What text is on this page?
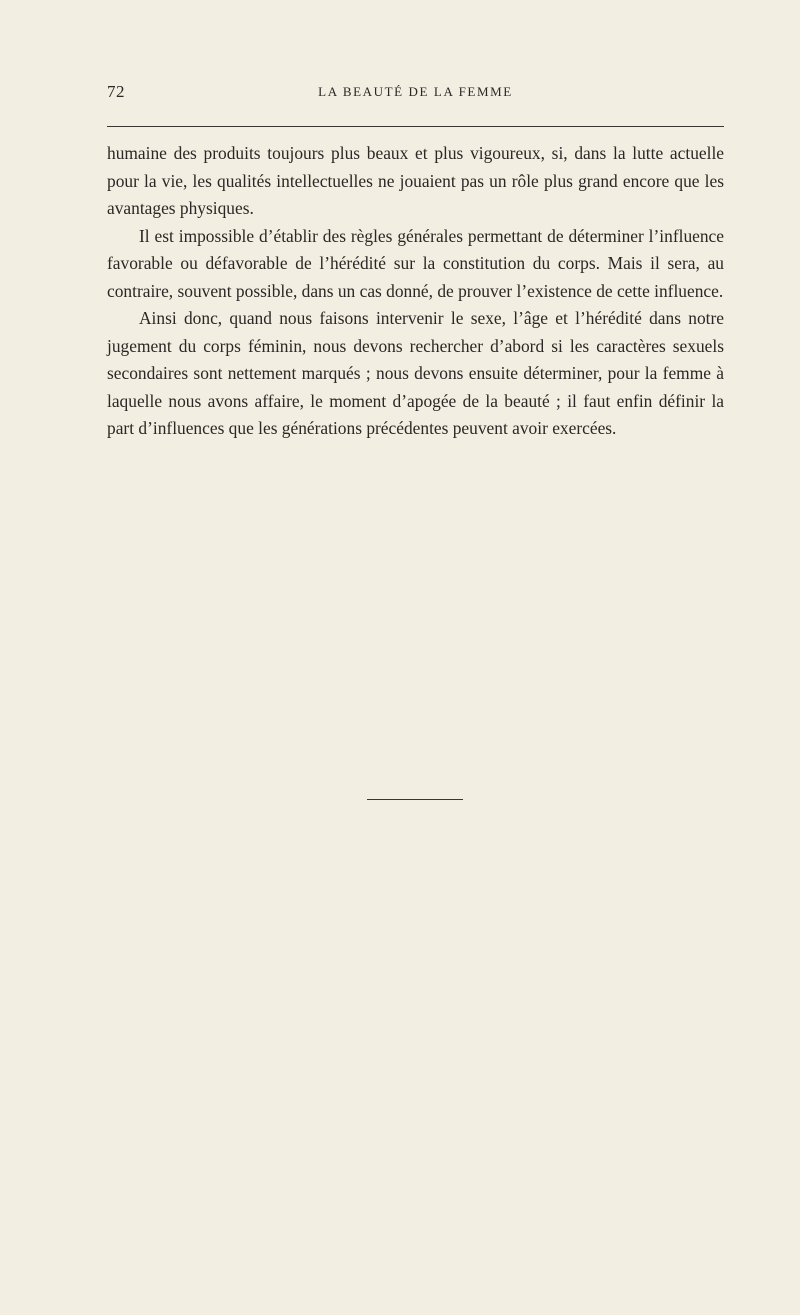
72	LA BEAUTÉ DE LA FEMME

humaine des produits toujours plus beaux et plus vigoureux, si, dans la lutte actuelle pour la vie, les qualités intellectuelles ne jouaient pas un rôle plus grand encore que les avantages physiques.

Il est impossible d’établir des règles générales permettant de déterminer l’influence favorable ou défavorable de l’hérédité sur la constitution du corps. Mais il sera, au contraire, souvent possible, dans un cas donné, de prouver l’existence de cette influence.

Ainsi donc, quand nous faisons intervenir le sexe, l’âge et l’hérédité dans notre jugement du corps féminin, nous devons rechercher d’abord si les caractères sexuels secondaires sont nettement marqués ; nous devons ensuite déterminer, pour la femme à laquelle nous avons affaire, le moment d’apogée de la beauté ; il faut enfin définir la part d’influences que les générations précédentes peuvent avoir exercées.
